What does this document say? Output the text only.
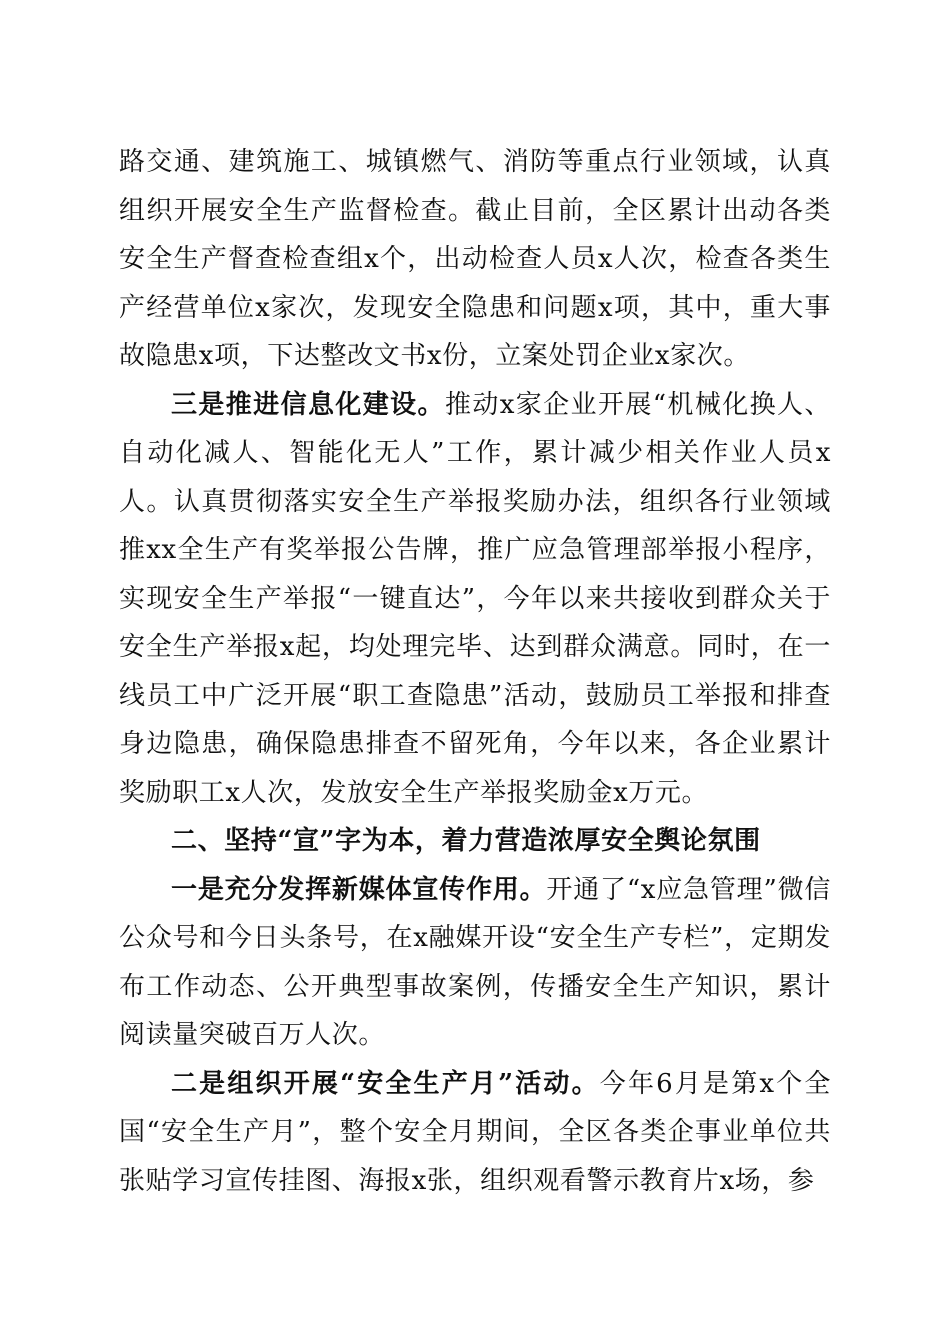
路交通、建筑施工、城镇燃气、消防等重点行业领域，认真组织开展安全生产监督检查。截止目前，全区累计出动各类安全生产督查检查组x个，出动检查人员x人次，检查各类生产经营单位x家次，发现安全隐患和问题x项，其中，重大事故隐患x项，下达整改文书x份，立案处罚企业x家次。

三是推进信息化建设。推动x家企业开展“机械化换人、自动化减人、智能化无人”工作，累计减少相关作业人员x人。认真贯彻落实安全生产举报奖励办法，组织各行业领域推xx全生产有奖举报公告牌，推广应急管理部举报小程序，实现安全生产举报“一键直达”，今年以来共接收到群众关于安全生产举报x起，均处理完毕、达到群众满意。同时，在一线员工中广泛开展“职工查隐患”活动，鼓励员工举报和排查身边隐患，确保隐患排查不留死角，今年以来，各企业累计奖励职工x人次，发放安全生产举报奖励金x万元。

二、坚持“宣”字为本，着力营造浓厚安全舆论氛围

一是充分发挥新媒体宣传作用。开通了“x应急管理”微信公众号和今日头条号，在x融媒开设“安全生产专栏”，定期发布工作动态、公开典型事故案例，传播安全生产知识，累计阅读量突破百万人次。

二是组织开展“安全生产月”活动。今年6月是第x个全国“安全生产月”，整个安全月期间，全区各类企事业单位共张贴学习宣传挂图、海报x张，组织观看警示教育片x场，参
